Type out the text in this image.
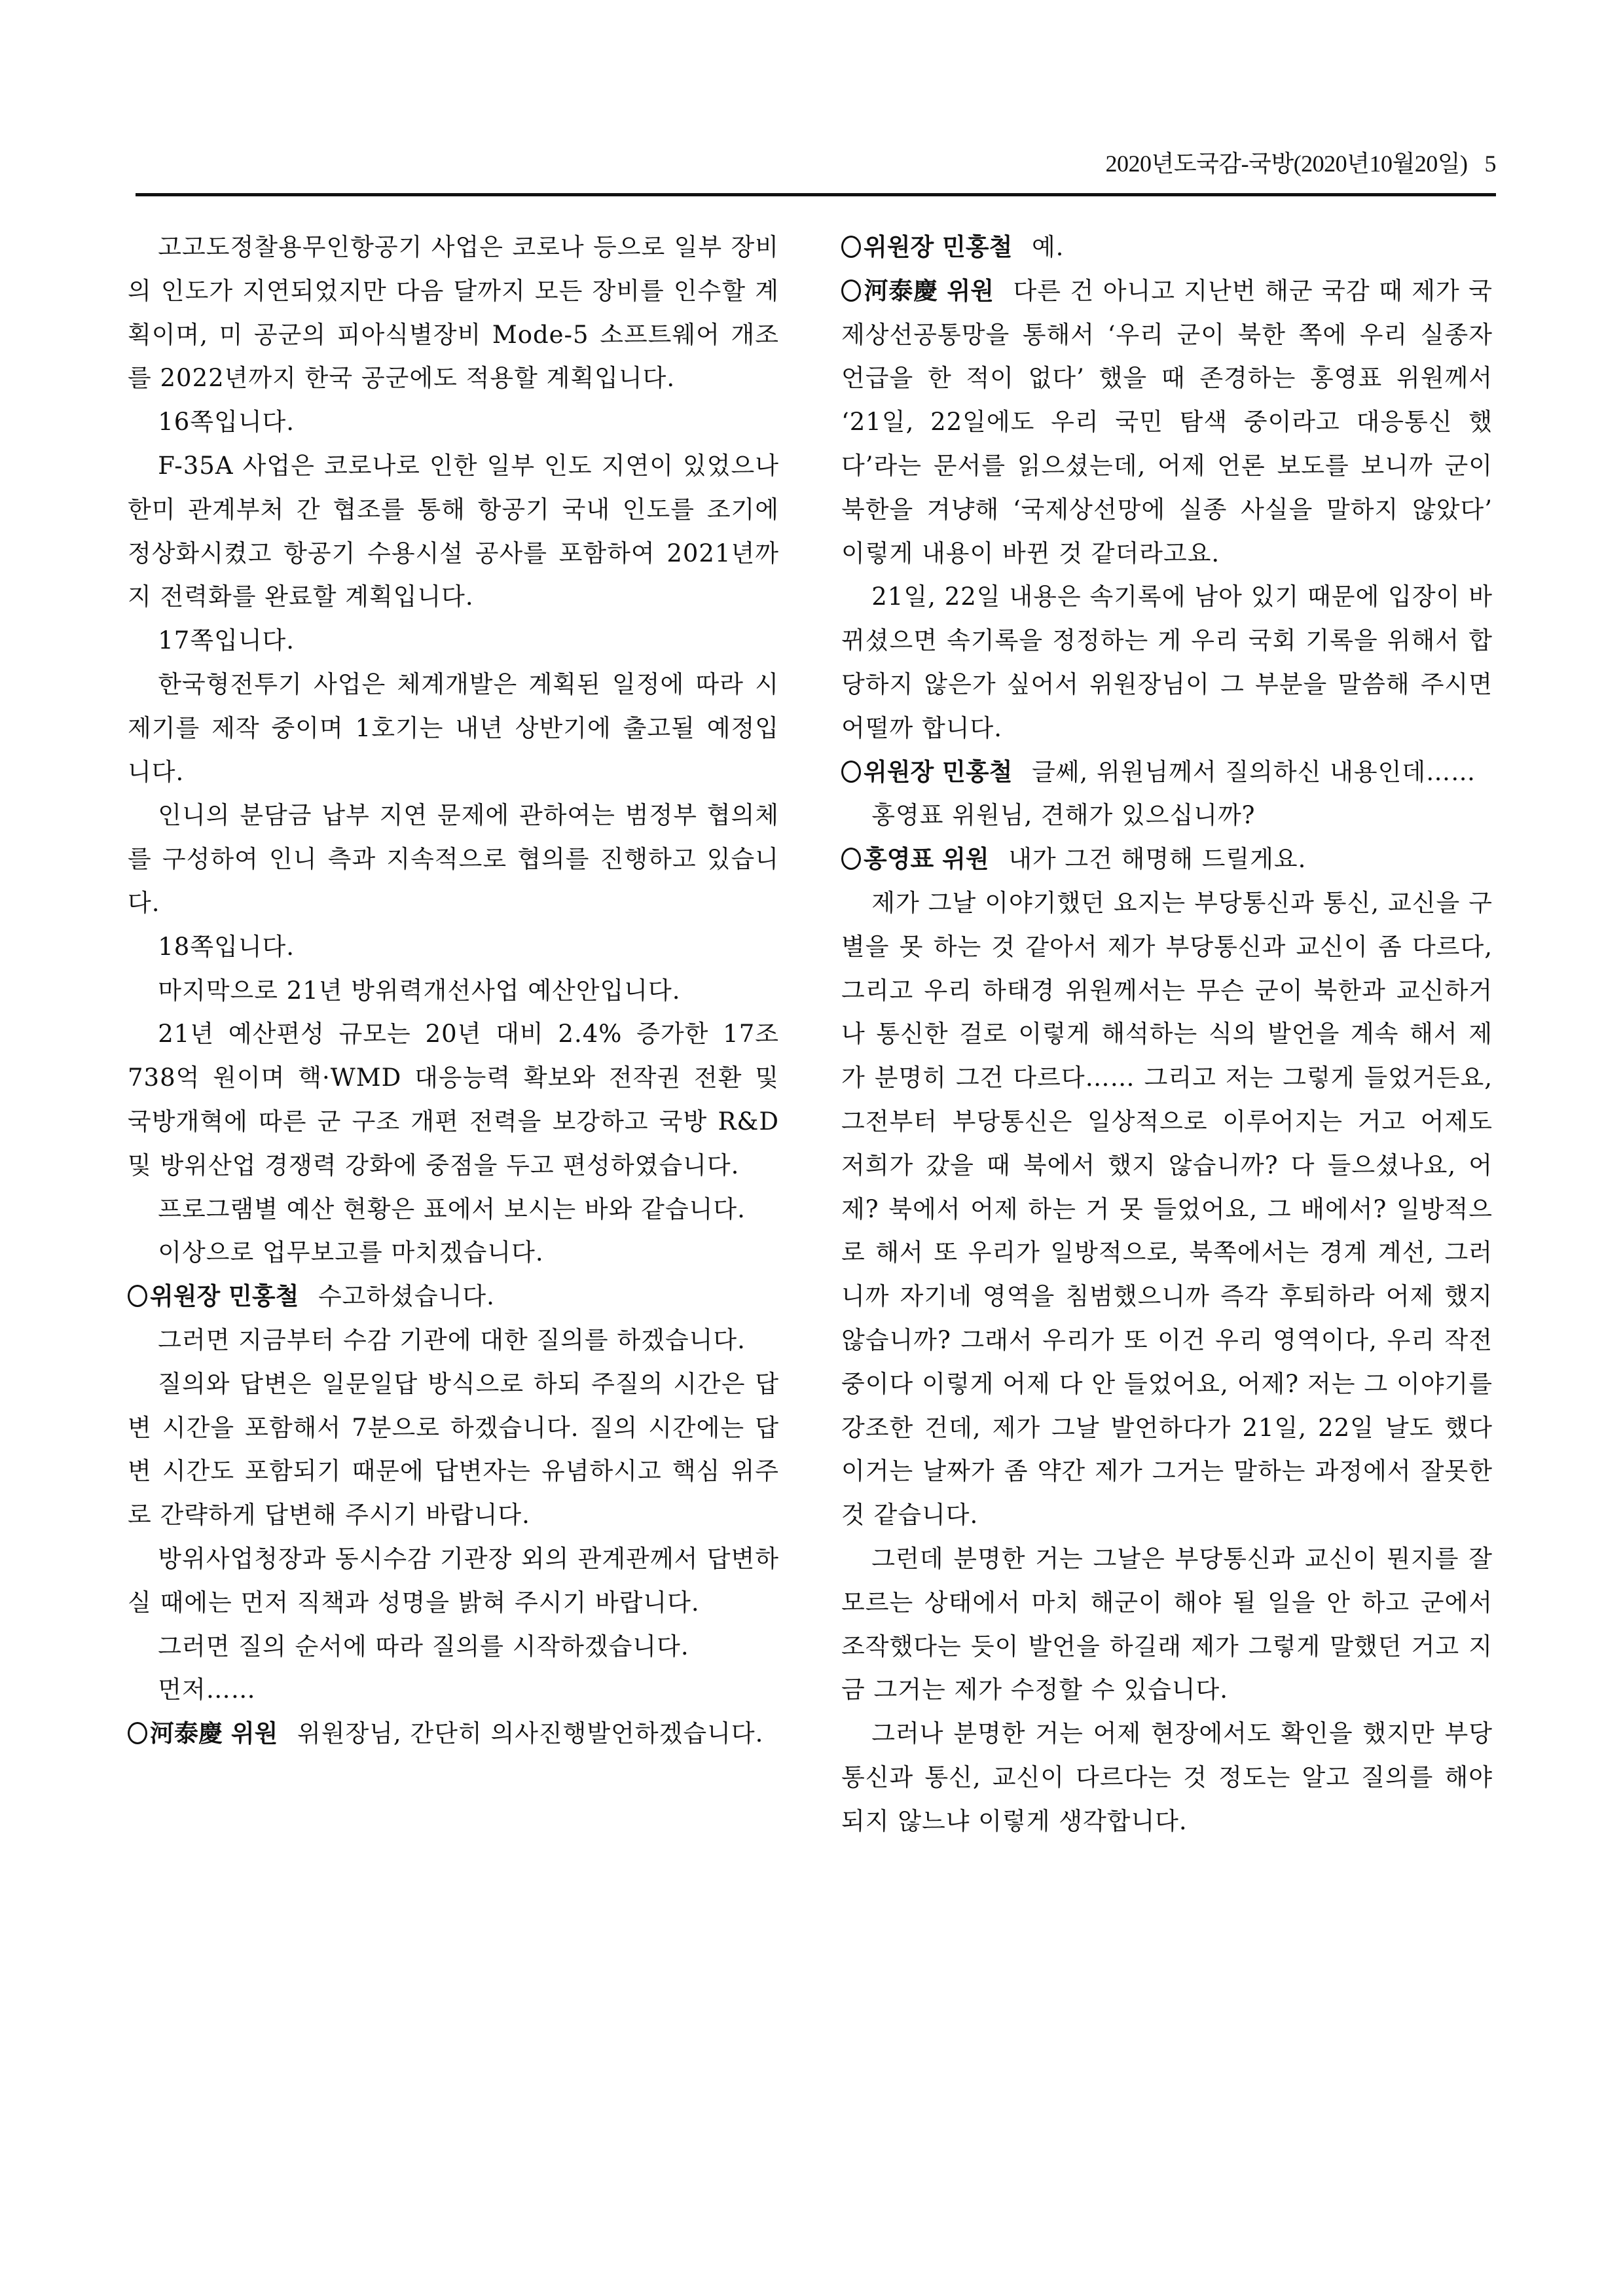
2020년도국감-국방(2020년10월20일) 5

고고도정찰용무인항공기 사업은 코로나 등으로 일부 장비의 인도가 지연되었지만 다음 달까지 모든 장비를 인수할 계획이며, 미 공군의 피아식별장비 Mode-5 소프트웨어 개조를 2022년까지 한국 공군에도 적용할 계획입니다.

16쪽입니다.

F-35A 사업은 코로나로 인한 일부 인도 지연이 있었으나 한미 관계부처 간 협조를 통해 항공기 국내 인도를 조기에 정상화시켰고 항공기 수용시설 공사를 포함하여 2021년까지 전력화를 완료할 계획입니다.

17쪽입니다.

한국형전투기 사업은 체계개발은 계획된 일정에 따라 시제기를 제작 중이며 1호기는 내년 상반기에 출고될 예정입니다.

인니의 분담금 납부 지연 문제에 관하여는 범정부 협의체를 구성하여 인니 측과 지속적으로 협의를 진행하고 있습니다.

18쪽입니다.

마지막으로 21년 방위력개선사업 예산안입니다.

21년 예산편성 규모는 20년 대비 2.4% 증가한 17조 738억 원이며 핵·WMD 대응능력 확보와 전작권 전환 및 국방개혁에 따른 군 구조 개편 전력을 보강하고 국방 R&D 및 방위산업 경쟁력 강화에 중점을 두고 편성하였습니다.

프로그램별 예산 현황은 표에서 보시는 바와 같습니다.

이상으로 업무보고를 마치겠습니다.

위원장 민홍철 수고하셨습니다.

그러면 지금부터 수감 기관에 대한 질의를 하겠습니다.

질의와 답변은 일문일답 방식으로 하되 주질의 시간은 답변 시간을 포함해서 7분으로 하겠습니다. 질의 시간에는 답변 시간도 포함되기 때문에 답변자는 유념하시고 핵심 위주로 간략하게 답변해 주시기 바랍니다.

방위사업청장과 동시수감 기관장 외의 관계관께서 답변하실 때에는 먼저 직책과 성명을 밝혀 주시기 바랍니다.

그러면 질의 순서에 따라 질의를 시작하겠습니다.

먼저……

河泰慶 위원 위원장님, 간단히 의사진행발언하겠습니다.

위원장 민홍철 예.

河泰慶 위원 다른 건 아니고 지난번 해군 국감 때 제가 국제상선공통망을 통해서 ‘우리 군이 북한 쪽에 우리 실종자 언급을 한 적이 없다’ 했을 때 존경하는 홍영표 위원께서 ‘21일, 22일에도 우리 국민 탐색 중이라고 대응통신 했다’라는 문서를 읽으셨는데, 어제 언론 보도를 보니까 군이 북한을 겨냥해 ‘국제상선망에 실종 사실을 말하지 않았다’ 이렇게 내용이 바뀐 것 같더라고요.

21일, 22일 내용은 속기록에 남아 있기 때문에 입장이 바뀌셨으면 속기록을 정정하는 게 우리 국회 기록을 위해서 합당하지 않은가 싶어서 위원장님이 그 부분을 말씀해 주시면 어떨까 합니다.

위원장 민홍철 글쎄, 위원님께서 질의하신 내용인데……

홍영표 위원님, 견해가 있으십니까?

홍영표 위원 내가 그건 해명해 드릴게요.

제가 그날 이야기했던 요지는 부당통신과 통신, 교신을 구별을 못 하는 것 같아서 제가 부당통신과 교신이 좀 다르다, 그리고 우리 하태경 위원께서는 무슨 군이 북한과 교신하거나 통신한 걸로 이렇게 해석하는 식의 발언을 계속 해서 제가 분명히 그건 다르다…… 그리고 저는 그렇게 들었거든요, 그전부터 부당통신은 일상적으로 이루어지는 거고 어제도 저희가 갔을 때 북에서 했지 않습니까? 다 들으셨나요, 어제? 북에서 어제 하는 거 못 들었어요, 그 배에서? 일방적으로 해서 또 우리가 일방적으로, 북쪽에서는 경계 계선, 그러니까 자기네 영역을 침범했으니까 즉각 후퇴하라 어제 했지 않습니까? 그래서 우리가 또 이건 우리 영역이다, 우리 작전 중이다 이렇게 어제 다 안 들었어요, 어제? 저는 그 이야기를 강조한 건데, 제가 그날 발언하다가 21일, 22일 날도 했다 이거는 날짜가 좀 약간 제가 그거는 말하는 과정에서 잘못한 것 같습니다.

그런데 분명한 거는 그날은 부당통신과 교신이 뭔지를 잘 모르는 상태에서 마치 해군이 해야 될 일을 안 하고 군에서 조작했다는 듯이 발언을 하길래 제가 그렇게 말했던 거고 지금 그거는 제가 수정할 수 있습니다.

그러나 분명한 거는 어제 현장에서도 확인을 했지만 부당통신과 통신, 교신이 다르다는 것 정도는 알고 질의를 해야 되지 않느냐 이렇게 생각합니다.
